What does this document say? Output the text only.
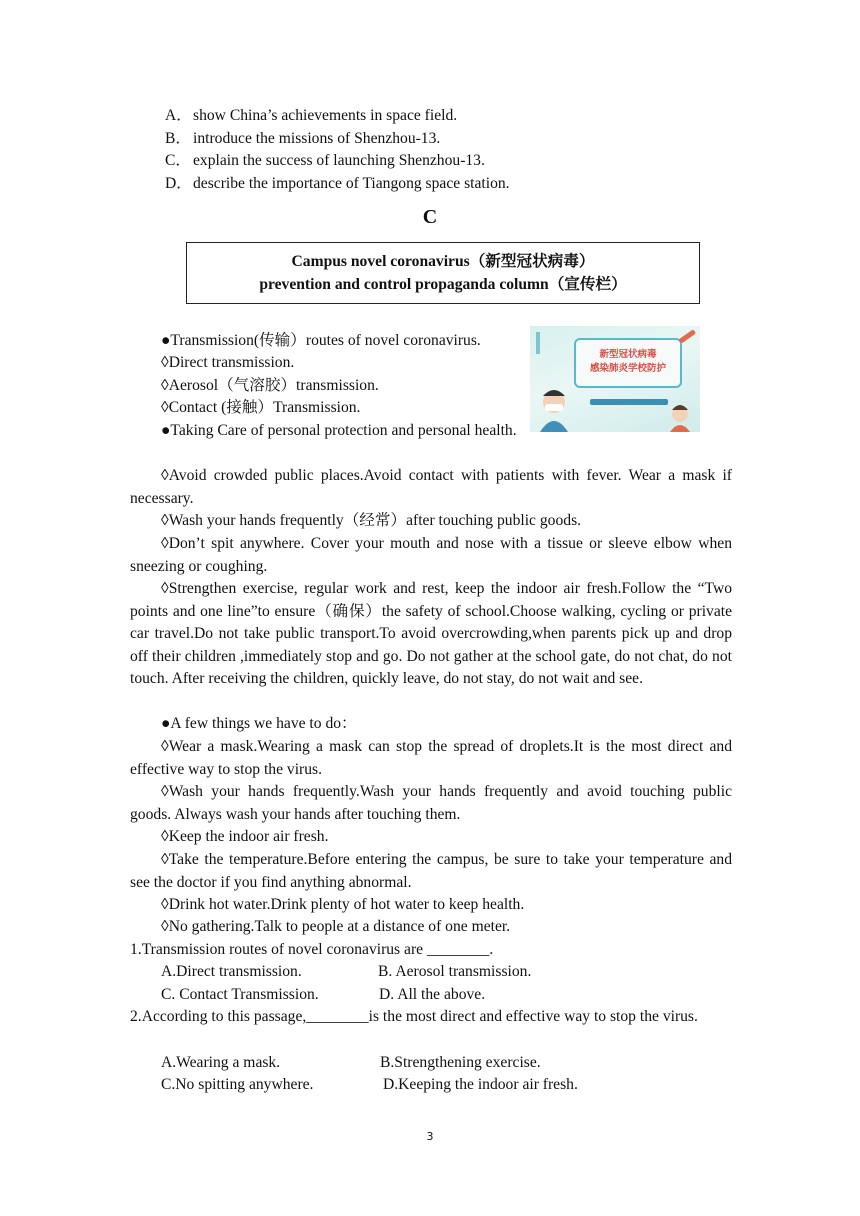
A．show China’s achievements in space field.
B． introduce the missions of Shenzhou-13.
C． explain the success of launching Shenzhou-13.
D．describe the importance of Tiangong space station.
C
Campus novel coronavirus（新型冠状病毒）
prevention and control propaganda column（宣传栏）
新型冠状病毒
感染肺炎学校防护
●Transmission(传输）routes of novel coronavirus.
◊Direct transmission.
◊Aerosol（气溶胶）transmission.
◊Contact (接触）Transmission.
●Taking Care of personal protection and personal health.
◊Avoid crowded public places.Avoid contact with patients with fever. Wear a mask if necessary.
◊Wash your hands frequently（经常）after touching public goods.
◊Don’t spit anywhere. Cover your mouth and nose with a tissue or sleeve elbow when sneezing or coughing.
◊Strengthen exercise, regular work and rest, keep the indoor air fresh.Follow the “Two points and one line”to ensure（确保）the safety of school.Choose walking, cycling or private car travel.Do not take public transport.To avoid overcrowding,when parents pick up and drop off their children ,immediately stop and go. Do not gather at the school gate, do not chat, do not touch. After receiving the children, quickly leave, do not stay, do not wait and see.
●A few things we have to do：
◊Wear a mask.Wearing a mask can stop the spread of droplets.It is the most direct and effective way to stop the virus.
◊Wash your hands frequently.Wash your hands frequently and avoid touching public goods. Always wash your hands after touching them.
◊Keep the indoor air fresh.
◊Take the temperature.Before entering the campus, be sure to take your temperature and see the doctor if you find anything abnormal.
◊Drink hot water.Drink plenty of hot water to keep health.
◊No gathering.Talk to people at a distance of one meter.
1.Transmission routes of novel coronavirus are ________.
A.Direct transmission.	B. Aerosol transmission.
C. Contact Transmission.	D. All the above.
2.According to this passage,________is the most direct and effective way to stop the virus.
A.Wearing a mask.	B.Strengthening exercise.
C.No spitting anywhere.	D.Keeping the indoor air fresh.
3
